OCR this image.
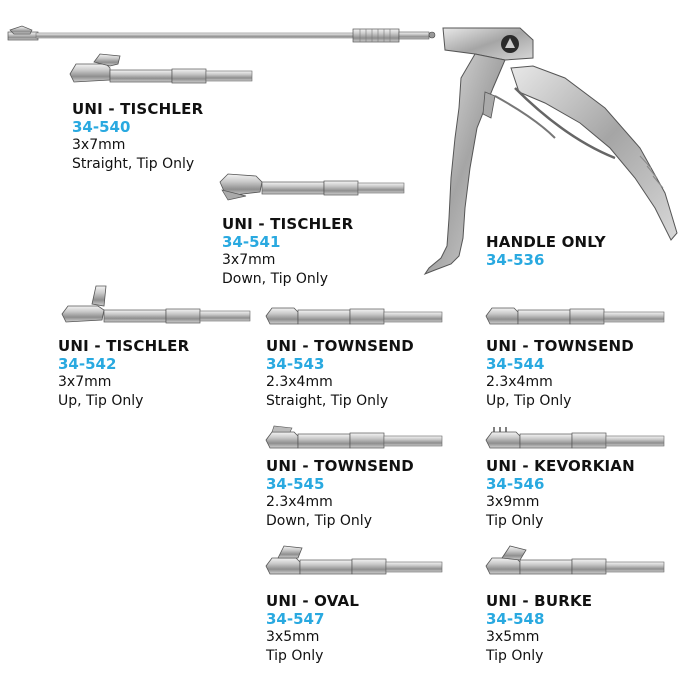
UNI - TISCHLER
34-540
3x7mm
Straight, Tip Only
UNI - TISCHLER
34-541
3x7mm
Down, Tip Only
HANDLE ONLY
34-536
UNI - TISCHLER
34-542
3x7mm
Up, Tip Only
UNI - TOWNSEND
34-543
2.3x4mm
Straight, Tip Only
UNI - TOWNSEND
34-544
2.3x4mm
Up, Tip Only
UNI - TOWNSEND
34-545
2.3x4mm
Down, Tip Only
UNI - KEVORKIAN
34-546
3x9mm
Tip Only
UNI - OVAL
34-547
3x5mm
Tip Only
UNI - BURKE
34-548
3x5mm
Tip Only
